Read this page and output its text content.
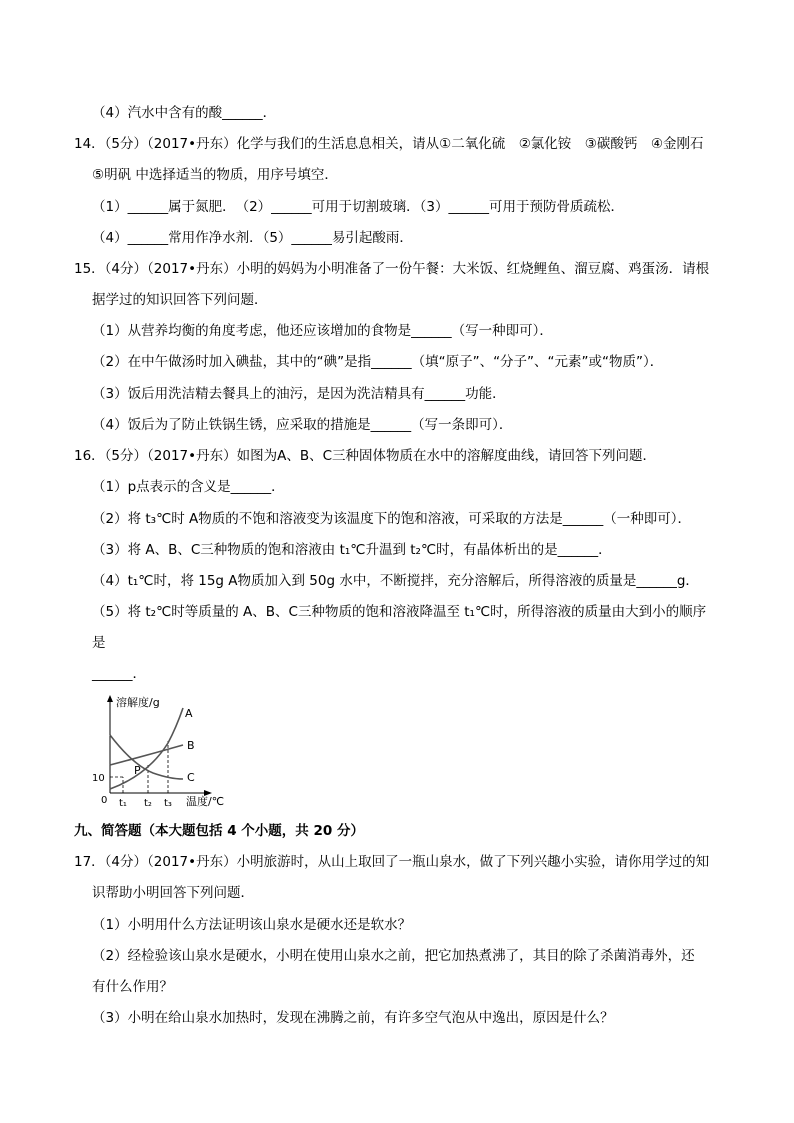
（4）汽水中含有的酸______．
14．（5分）（2017•丹东）化学与我们的生活息息相关，请从①二氧化硫　②氯化铵　③碳酸钙　④金刚石
⑤明矾 中选择适当的物质，用序号填空．
（1）______属于氮肥．　（2）______可用于切割玻璃．（3）______可用于预防骨质疏松．
（4）______常用作净水剂．（5）______易引起酸雨．
15．（4分）（2017•丹东）小明的妈妈为小明准备了一份午餐：大米饭、红烧鲤鱼、溜豆腐、鸡蛋汤．请根
据学过的知识回答下列问题．
（1）从营养均衡的角度考虑，他还应该增加的食物是______（写一种即可）．
（2）在中午做汤时加入碘盐，其中的“碘”是指______（填“原子”、“分子”、“元素”或“物质”）．
（3）饭后用洗洁精去餐具上的油污，是因为洗洁精具有______功能．
（4）饭后为了防止铁锅生锈，应采取的措施是______（写一条即可）．
16．（5分）（2017•丹东）如图为A、B、C三种固体物质在水中的溶解度曲线，请回答下列问题．
（1）p点表示的含义是______．
（2）将 t₃℃时 A物质的不饱和溶液变为该温度下的饱和溶液，可采取的方法是______（一种即可）．
（3）将 A、B、C三种物质的饱和溶液由 t₁℃升温到 t₂℃时，有晶体析出的是______．
（4）t₁℃时，将 15g A物质加入到 50g 水中，不断搅拌，充分溶解后，所得溶液的质量是______g．
（5）将 t₂℃时等质量的 A、B、C三种物质的饱和溶液降温至 t₁℃时，所得溶液的质量由大到小的顺序
是
______．
九、简答题（本大题包括 4 个小题，共 20 分）
17．（4分）（2017•丹东）小明旅游时，从山上取回了一瓶山泉水，做了下列兴趣小实验，请你用学过的知
识帮助小明回答下列问题．
（1）小明用什么方法证明该山泉水是硬水还是软水？
（2）经检验该山泉水是硬水，小明在使用山泉水之前，把它加热煮沸了，其目的除了杀菌消毒外，还
有什么作用？
（3）小明在给山泉水加热时，发现在沸腾之前，有许多空气泡从中逸出，原因是什么？
溶解度/g
温度/℃
0
10
t₁ t₂ t₃
P
A
B
C
